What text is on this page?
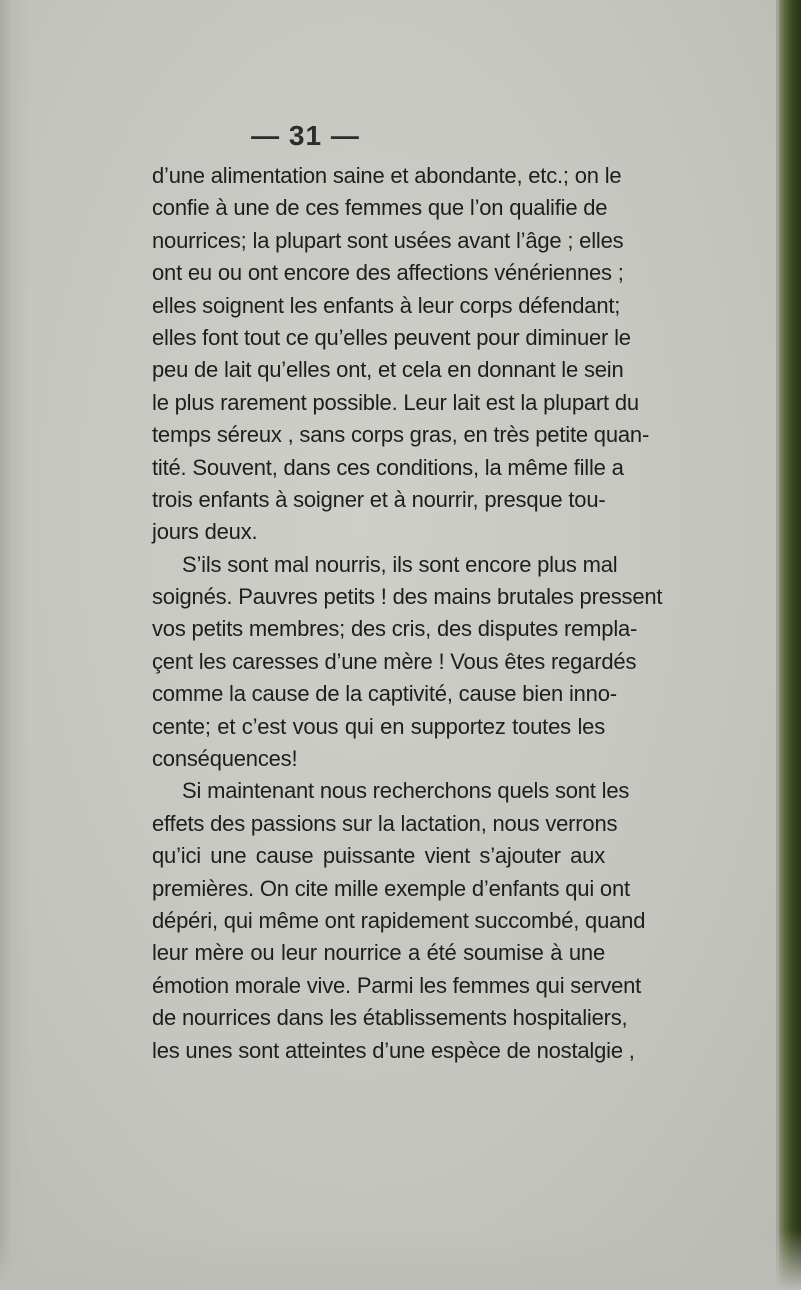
— 31 —
d’une alimentation saine et abondante, etc.; on le
confie à une de ces femmes que l’on qualifie de
nourrices; la plupart sont usées avant l’âge ; elles
ont eu ou ont encore des affections vénériennes ;
elles soignent les enfants à leur corps défendant;
elles font tout ce qu’elles peuvent pour diminuer le
peu de lait qu’elles ont, et cela en donnant le sein
le plus rarement possible. Leur lait est la plupart du
temps séreux , sans corps gras, en très petite quan-
tité. Souvent, dans ces conditions, la même fille a
trois enfants à soigner et à nourrir, presque tou-
jours deux.
S’ils sont mal nourris, ils sont encore plus mal
soignés. Pauvres petits ! des mains brutales pressent
vos petits membres; des cris, des disputes rempla-
çent les caresses d’une mère ! Vous êtes regardés
comme la cause de la captivité, cause bien inno-
cente; et c’est vous qui en supportez toutes les
conséquences!
Si maintenant nous recherchons quels sont les
effets des passions sur la lactation, nous verrons
qu’ici une cause puissante vient s’ajouter aux
premières. On cite mille exemple d’enfants qui ont
dépéri, qui même ont rapidement succombé, quand
leur mère ou leur nourrice a été soumise à une
émotion morale vive. Parmi les femmes qui servent
de nourrices dans les établissements hospitaliers,
les unes sont atteintes d’une espèce de nostalgie ,
